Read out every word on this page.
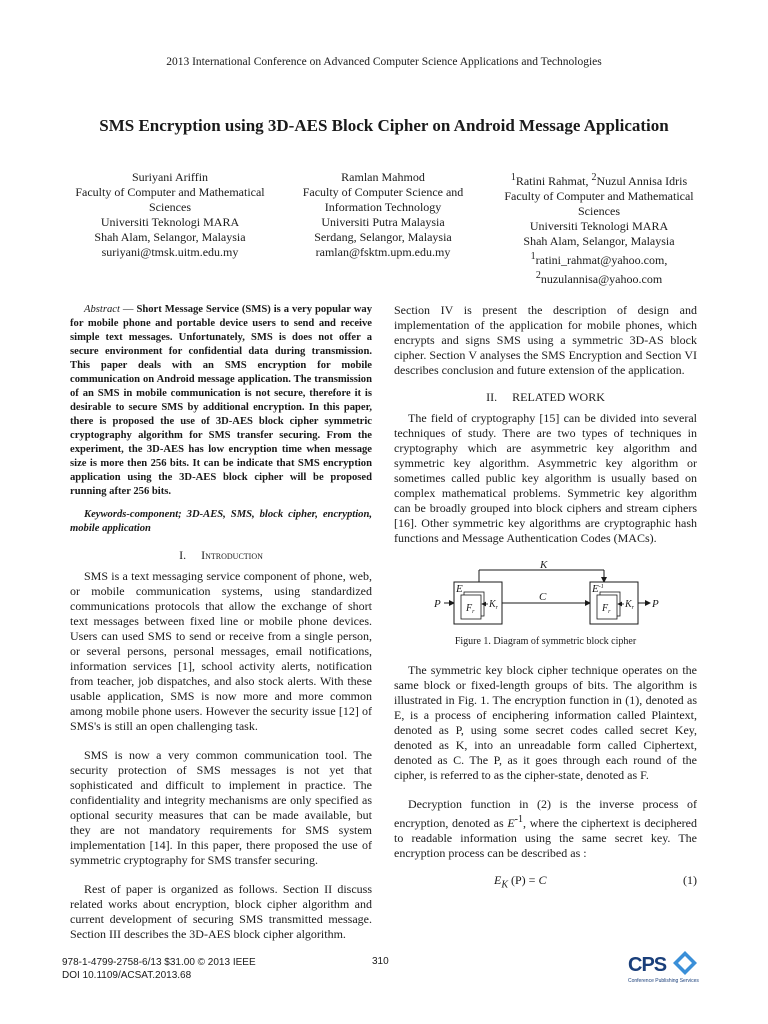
2013 International Conference on Advanced Computer Science Applications and Technologies
SMS Encryption using 3D-AES Block Cipher on Android Message Application
Suriyani Ariffin
Faculty of Computer and Mathematical
Sciences
Universiti Teknologi MARA
Shah Alam, Selangor, Malaysia
suriyani@tmsk.uitm.edu.my
Ramlan Mahmod
Faculty of Computer Science and
Information Technology
Universiti Putra Malaysia
Serdang, Selangor, Malaysia
ramlan@fsktm.upm.edu.my
$^1$Ratini Rahmat, $^2$Nuzul Annisa Idris
Faculty of Computer and Mathematical
Sciences
Universiti Teknologi MARA
Shah Alam, Selangor, Malaysia
$^1$ratini_rahmat@yahoo.com,
$^2$nuzulannisa@yahoo.com

Abstract — Short Message Service (SMS) is a very popular way for mobile phone and portable device users to send and receive simple text messages. Unfortunately, SMS is does not offer a secure environment for confidential data during transmission. This paper deals with an SMS encryption for mobile communication on Android message application. The transmission of an SMS in mobile communication is not secure, therefore it is desirable to secure SMS by additional encryption. In this paper, there is proposed the use of 3D-AES block cipher symmetric cryptography algorithm for SMS transfer securing. From the experiment, the 3D-AES has low encryption time when message size is more then 256 bits. It can be indicate that SMS encryption application using the 3D-AES block cipher will be proposed running after 256 bits.

Keywords-component; 3D-AES, SMS, block cipher, encryption, mobile application

I. Introduction

SMS is a text messaging service component of phone, web, or mobile communication systems, using standardized communications protocols that allow the exchange of short text messages between fixed line or mobile phone devices. Users can used SMS to send or receive from a single person, or several persons, personal messages, email notifications, information services [1], school activity alerts, notification from teacher, job dispatches, and also stock alerts. With these usable application, SMS is now more and more common among mobile phone users. However the security issue [12] of SMS's is still an open challenging task.

SMS is now a very common communication tool. The security protection of SMS messages is not yet that sophisticated and difficult to implement in practice. The confidentiality and integrity mechanisms are only specified as optional security measures that can be made available, but they are not mandatory requirements for SMS system implementation [14]. In this paper, there proposed the use of symmetric cryptography for SMS transfer securing.

Rest of paper is organized as follows. Section II discuss related works about encryption, block cipher algorithm and current development of securing SMS transmitted message. Section III describes the 3D-AES block cipher algorithm.

Section IV is present the description of design and implementation of the application for mobile phones, which encrypts and signs SMS using a symmetric 3D-AS block cipher. Section V analyses the SMS Encryption and Section VI describes conclusion and future extension of the application.

II. RELATED WORK

The field of cryptography [15] can be divided into several techniques of study. There are two types of techniques in cryptography which are asymmetric key algorithm and symmetric key algorithm. Asymmetric key algorithm or sometimes called public key algorithm is usually based on complex mathematical problems. Symmetric key algorithm can be broadly grouped into block ciphers and stream ciphers [16]. Other symmetric key algorithms are cryptographic hash functions and Message Authentication Codes (MACs).

K
P
E
$F_r$
$K_r$
C
$E^{-1}$
$F_r$
$K_r$ P

Figure 1. Diagram of symmetric block cipher

The symmetric key block cipher technique operates on the same block or fixed-length groups of bits. The algorithm is illustrated in Fig. 1. The encryption function in (1), denoted as E, is a process of enciphering information called Plaintext, denoted as P, using some secret codes called secret Key, denoted as K, into an unreadable form called Ciphertext, denoted as C. The P, as it goes through each round of the cipher, is referred to as the cipher-state, denoted as F.

Decryption function in (2) is the inverse process of encryption, denoted as $E^{-1}$, where the ciphertext is deciphered to readable information using the same secret key. The encryption process can be described as :

$E_K$ (P) = C	(1)
978-1-4799-2758-6/13 $31.00 © 2013 IEEE
DOI 10.1109/ACSAT.2013.68
310	CPS
Conference Publishing Services
